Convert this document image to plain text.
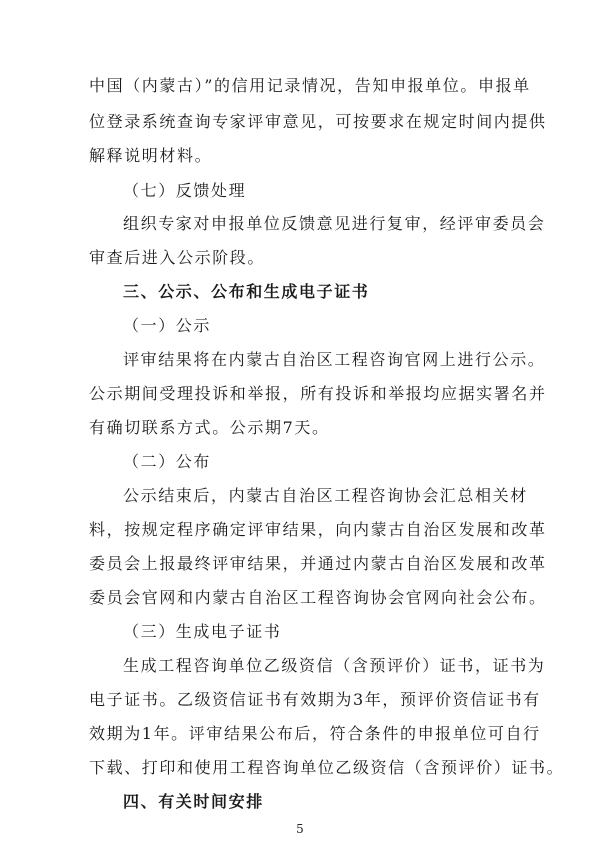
中国（内蒙古）”的信用记录情况，告知申报单位。申报单
位登录系统查询专家评审意见，可按要求在规定时间内提供
解释说明材料。
（七）反馈处理
组织专家对申报单位反馈意见进行复审，经评审委员会
审查后进入公示阶段。
三、公示、公布和生成电子证书
（一）公示
评审结果将在内蒙古自治区工程咨询官网上进行公示。
公示期间受理投诉和举报，所有投诉和举报均应据实署名并
有确切联系方式。公示期7天。
（二）公布
公示结束后，内蒙古自治区工程咨询协会汇总相关材
料，按规定程序确定评审结果，向内蒙古自治区发展和改革
委员会上报最终评审结果，并通过内蒙古自治区发展和改革
委员会官网和内蒙古自治区工程咨询协会官网向社会公布。
（三）生成电子证书
生成工程咨询单位乙级资信（含预评价）证书，证书为
电子证书。乙级资信证书有效期为3年，预评价资信证书有
效期为1年。评审结果公布后，符合条件的申报单位可自行
下载、打印和使用工程咨询单位乙级资信（含预评价）证书。
四、有关时间安排
5
